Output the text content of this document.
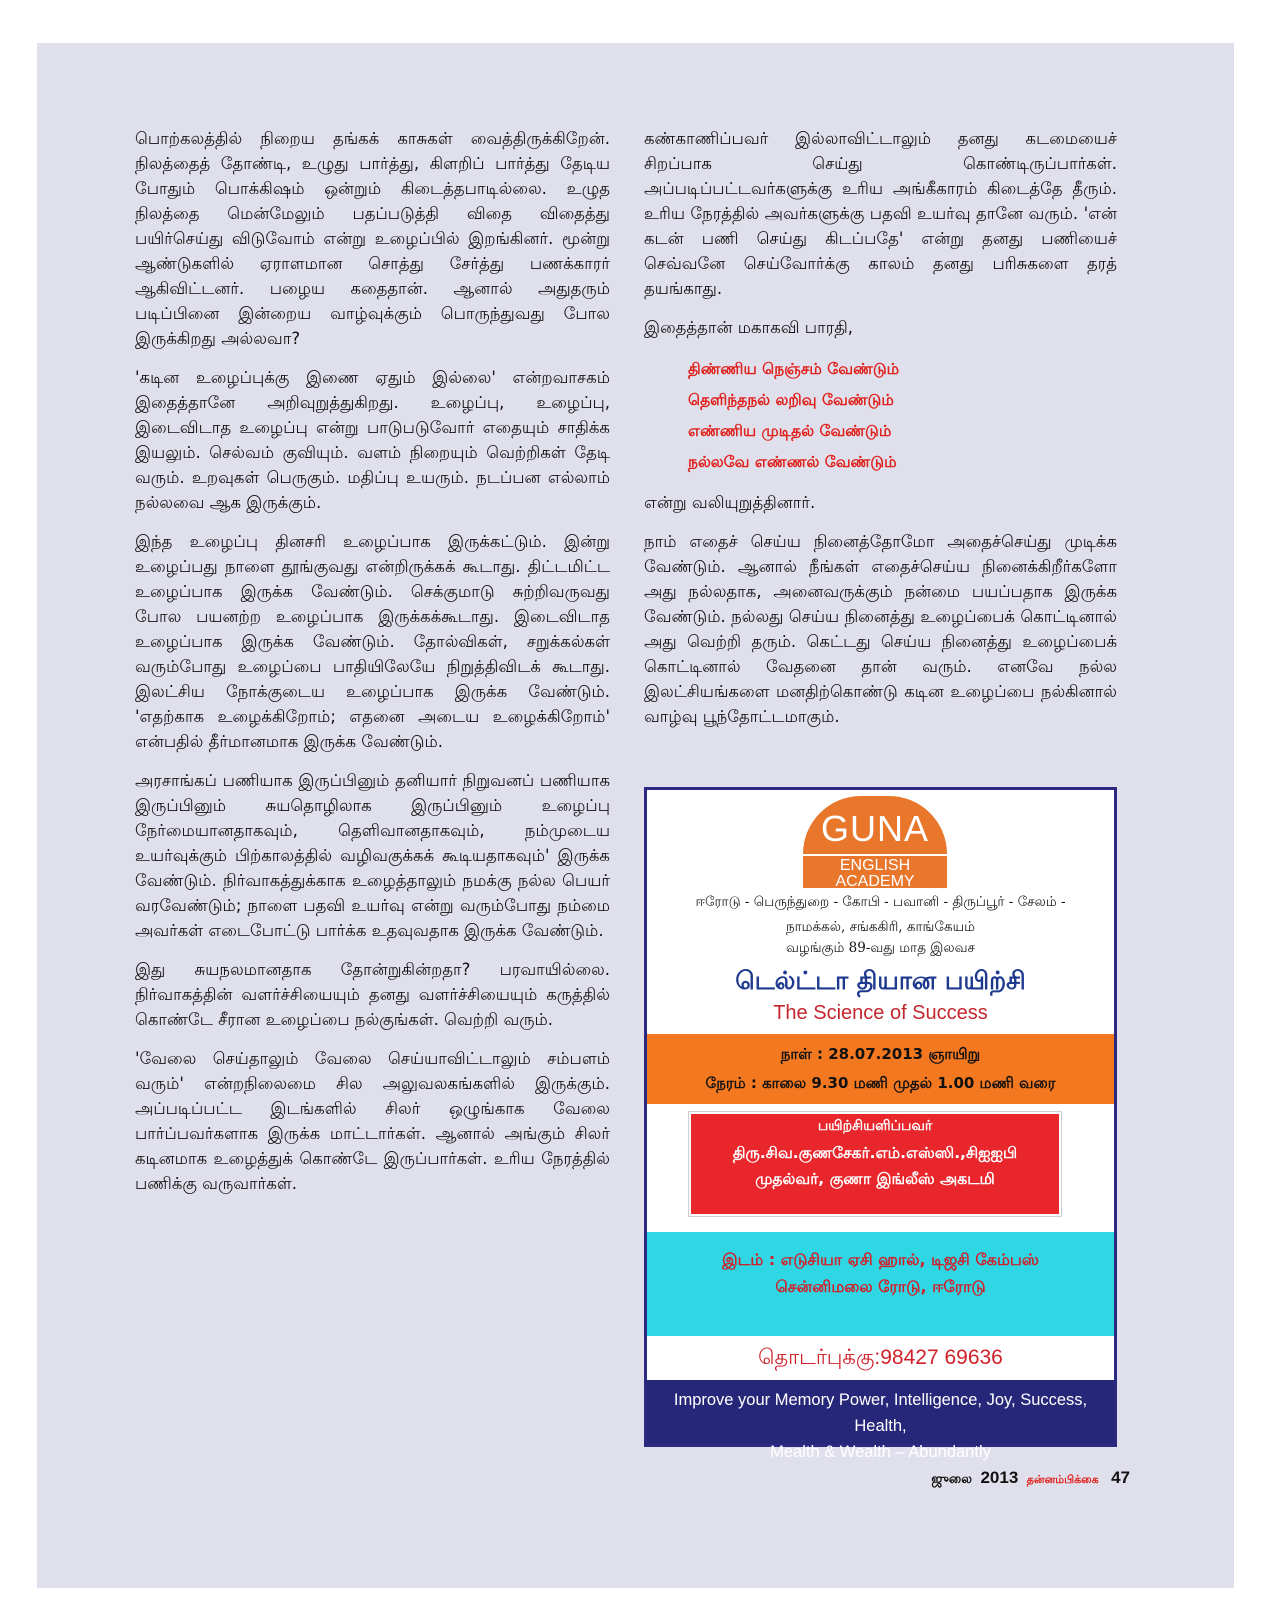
பொற்கலத்தில் நிறைய தங்கக் காசுகள் வைத்திருக்கிறேன். நிலத்தைத் தோண்டி, உழுது பார்த்து, கிளறிப் பார்த்து தேடிய போதும் பொக்கிஷம் ஒன்றும் கிடைத்தபாடில்லை. உழுத நிலத்தை மென்மேலும் பதப்படுத்தி விதை விதைத்து பயிர்செய்து விடுவோம் என்று உழைப்பில் இறங்கினர். மூன்று ஆண்டுகளில் ஏராளமான சொத்து சேர்த்து பணக்காரர் ஆகிவிட்டனர். பழைய கதைதான். ஆனால் அதுதரும் படிப்பினை இன்றைய வாழ்வுக்கும் பொருந்துவது போல இருக்கிறது அல்லவா?

'கடின உழைப்புக்கு இணை ஏதும் இல்லை' என்றவாசகம் இதைத்தானே அறிவுறுத்துகிறது. உழைப்பு, உழைப்பு, இடைவிடாத உழைப்பு என்று பாடுபடுவோர் எதையும் சாதிக்க இயலும். செல்வம் குவியும். வளம் நிறையும் வெற்றிகள் தேடி வரும். உறவுகள் பெருகும். மதிப்பு உயரும். நடப்பன எல்லாம் நல்லவை ஆக இருக்கும்.

இந்த உழைப்பு தினசரி உழைப்பாக இருக்கட்டும். இன்று உழைப்பது நாளை தூங்குவது என்றிருக்கக் கூடாது. திட்டமிட்ட உழைப்பாக இருக்க வேண்டும். செக்குமாடு சுற்றிவருவது போல பயனற்ற உழைப்பாக இருக்கக்கூடாது. இடைவிடாத உழைப்பாக இருக்க வேண்டும். தோல்விகள், சறுக்கல்கள் வரும்போது உழைப்பை பாதியிலேயே நிறுத்திவிடக் கூடாது. இலட்சிய நோக்குடைய உழைப்பாக இருக்க வேண்டும். 'எதற்காக உழைக்கிறோம்; எதனை அடைய உழைக்கிறோம்' என்பதில் தீர்மானமாக இருக்க வேண்டும்.

அரசாங்கப் பணியாக இருப்பினும் தனியார் நிறுவனப் பணியாக இருப்பினும் சுயதொழிலாக இருப்பினும் உழைப்பு நேர்மையானதாகவும், தெளிவானதாகவும், நம்முடைய உயர்வுக்கும் பிற்காலத்தில் வழிவகுக்கக் கூடியதாகவும்' இருக்க வேண்டும். நிர்வாகத்துக்காக உழைத்தாலும் நமக்கு நல்ல பெயர் வரவேண்டும்; நாளை பதவி உயர்வு என்று வரும்போது நம்மை அவர்கள் எடைபோட்டு பார்க்க உதவுவதாக இருக்க வேண்டும்.

இது சுயநலமானதாக தோன்றுகின்றதா? பரவாயில்லை. நிர்வாகத்தின் வளர்ச்சியையும் தனது வளர்ச்சியையும் கருத்தில் கொண்டே சீரான உழைப்பை நல்குங்கள். வெற்றி வரும்.

'வேலை செய்தாலும் வேலை செய்யாவிட்டாலும் சம்பளம் வரும்' என்றநிலைமை சில அலுவலகங்களில் இருக்கும். அப்படிப்பட்ட இடங்களில் சிலர் ஒழுங்காக வேலை பார்ப்பவர்களாக இருக்க மாட்டார்கள். ஆனால் அங்கும் சிலர் கடினமாக உழைத்துக் கொண்டே இருப்பார்கள். உரிய நேரத்தில் பணிக்கு வருவார்கள்.

கண்காணிப்பவர் இல்லாவிட்டாலும் தனது கடமையைச் சிறப்பாக செய்து கொண்டிருப்பார்கள். அப்படிப்பட்டவர்களுக்கு உரிய அங்கீகாரம் கிடைத்தே தீரும். உரிய நேரத்தில் அவர்களுக்கு பதவி உயர்வு தானே வரும். 'என் கடன் பணி செய்து கிடப்பதே' என்று தனது பணியைச் செவ்வனே செய்வோர்க்கு காலம் தனது பரிசுகளை தரத் தயங்காது.

இதைத்தான் மகாகவி பாரதி,

திண்ணிய நெஞ்சம் வேண்டும்
தெளிந்தநல் லறிவு வேண்டும்
எண்ணிய முடிதல் வேண்டும்
நல்லவே எண்ணல் வேண்டும்

என்று வலியுறுத்தினார்.

நாம் எதைச் செய்ய நினைத்தோமோ அதைச்செய்து முடிக்க வேண்டும். ஆனால் நீங்கள் எதைச்செய்ய நினைக்கிறீர்களோ அது நல்லதாக, அனைவருக்கும் நன்மை பயப்பதாக இருக்க வேண்டும். நல்லது செய்ய நினைத்து உழைப்பைக் கொட்டினால் அது வெற்றி தரும். கெட்டது செய்ய நினைத்து உழைப்பைக் கொட்டினால் வேதனை தான் வரும். எனவே நல்ல இலட்சியங்களை மனதிற்கொண்டு கடின உழைப்பை நல்கினால் வாழ்வு பூந்தோட்டமாகும்.

GUNA
ENGLISH
ACADEMY
ஈரோடு - பெருந்துறை - கோபி - பவானி - திருப்பூர் - சேலம் -
நாமக்கல், சங்ககிரி, காங்கேயம்
வழங்கும் 89-வது மாத இலவச
டெல்ட்டா தியான பயிற்சி
The Science of Success
நாள் : 28.07.2013 ஞாயிறு
நேரம் : காலை 9.30 மணி முதல் 1.00 மணி வரை
பயிற்சியளிப்பவர்
திரு.சிவ.குணசேகர்.எம்.எஸ்ஸி.,சிஐஐபி
முதல்வர், குணா இங்லீஸ் அகடமி
இடம் : எடுசியா ஏசி ஹால், டிஜசி கேம்பஸ்
சென்னிமலை ரோடு, ஈரோடு
தொடர்புக்கு:98427 69636
Improve your Memory Power, Intelligence, Joy, Success, Health,
Mealth & Wealth – Abundantly
ஜுலை 2013 தன்னம்பிக்கை 47
